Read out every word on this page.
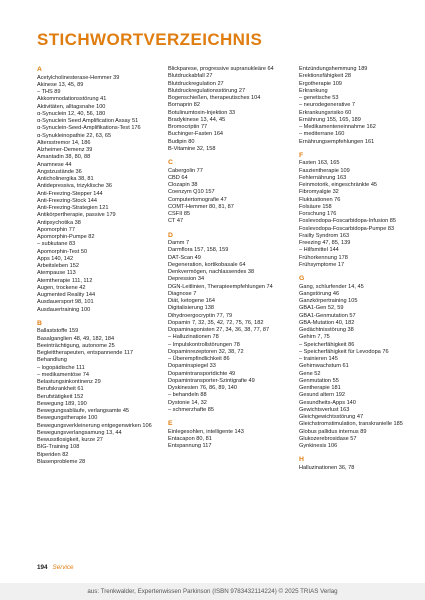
STICHWORTVERZEICHNIS
A
Acetylcholinesterase-Hemmer 39
Akinese 13, 45, 89
– THS 89
Akkommodationsstörung 41
Aktivitäten, alltagsnahe 100
α-Synuclein 12, 40, 56, 180
α-Synuclein Seed Amplification Assay 51
α-Synuclein-Seed-Amplifikations-Test 176
α-Synukleinopathie 22, 63, 65
Altersstremor 14, 186
Alzheimer-Demenz 39
Amantadin 38, 80, 88
Anamnese 44
Angstzustände 36
Anticholinergika 38, 81
Antidepressiva, trizyklische 36
Anti-Freezing-Stepper 144
Anti-Freezing-Stock 144
Anti-Freezing-Strategien 121
Antikörpertherapie, passive 179
Antipsychotika 38
Apomorphin 77
Apomorphin-Pumpe 82
– subkutane 83
Apomorphin-Test 50
Apps 140, 142
Arbeitsleben 152
Atempause 113
Atemtherapie 111, 112
Augen, trockene 42
Augmented Reality 144
Ausdauersport 98, 101
Ausdauertraining 100
B
Ballaststoffe 159
Basalganglien 48, 49, 182, 184
Beeinträchtigung, autonome 25
Begleittherapeuten, entspannende 117
Behandlung
– logopädische 111
– medikamentöse 74
Belastungsinkontinenz 29
Berufskrankheit 61
Berufstätigkeit 152
Bewegung 189, 190
Bewegungsabläufe, verlangsamte 45
Bewegungstherapie 100
Bewegungsverkleinerung entgegenwirken 106
Bewegungsverlangsamung 13, 44
Bewusstlosigkeit, kurze 27
BIG-Training 108
Biperiden 82
Blasenprobleme 28
Blickparese, progressive supranukleäre 64
Blutdruckabfall 27
Blutdruckregulation 27
Blutdruckregulationsstörung 27
Bogenschießen, therapeutisches 104
Bornaprin 82
Botulinumtoxin-Injektion 33
Bradykinese 13, 44, 45
Bromocriptin 77
Buchinger-Fasten 164
Budipin 80
B-Vitamine 32, 158
C
Cabergolin 77
CBD 64
Clozapin 38
Coenzym Q10 157
Computertomografie 47
COMT-Hemmer 80, 81, 87
CSFII 85
CT 47
D
Damm 7
Darmflora 157, 158, 159
DAT-Scan 49
Degeneration, kortikobasale 64
Denkvermögen, nachlassendes 38
Depression 34
DGN-Leitlinien, Therapieempfehlungen 74
Diagnose 7
Diät, ketogene 164
Digitalisierung 138
Dihydroergocryptin 77, 79
Dopamin 7, 32, 35, 42, 72, 75, 76, 182
Dopaminagonisten 27, 34, 36, 38, 77, 87
– Halluzinationen 78
– Impulskontrollstörungen 78
Dopaminrezeptoren 32, 38, 72
– Überempfindlichkeit 86
Dopaminspiegel 33
Dopamintransportdichte 49
Dopamintransporter-Szintigrafie 49
Dyskinesien 76, 86, 89, 140
– behandeln 88
Dystonie 14, 32
– schmerzhafte 85
E
Einlegesohlen, intelligente 143
Entacapon 80, 81
Entspannung 117
Entzündungshemmung 189
Erektionsfähigkeit 28
Ergotherapie 109
Erkrankung
– genetische 53
– neurodegenerative 7
Erkrankungsrisiko 60
Ernährung 155, 165, 189
– Medikamenteneinnahme 162
– mediterrane 160
Ernährungsempfehlungen 161
F
Fasten 163, 165
Faszientherapie 109
Fehlernährung 163
Feinmotorik, eingeschränkte 45
Fibromyalgie 32
Fluktuationen 76
Folsäure 158
Forschung 176
Foslevodopa-Foscarbidopa-Infusion 85
Foslevodopa-Foscarbidopa-Pumpe 83
Frailty Syndrom 163
Freezing 47, 85, 139
– Hilfsmittel 144
Frühorkennung 178
Frühsymptome 17
G
Gang, schlurfender 14, 45
Gangstörung 46
Ganzkörpertraining 105
GBA1-Gen 52, 59
GBA1-Genmutation 57
GBA-Mutation 40, 182
Gedächtnisstörung 38
Gehirn 7, 75
– Speicherfähigkeit 86
– Speicherfähigkeit für Levodopa 76
– trainieren 145
Gehirnwachstum 61
Gene 52
Genmutation 55
Gentherapie 181
Gesund altern 192
Gesundheits-Apps 140
Gewichtsverlust 163
Gleichgewichtsstörung 47
Gleichstromstimulation, transkranielle 185
Globus pallidus internus 89
Glukozerebrosidase 57
Gynkinesis 106
H
Halluzinationen 36, 78
194 Service
aus: Trenkwalder, Expertenwissen Parkinson (ISBN 9783432114224) © 2025 TRIAS Verlag
